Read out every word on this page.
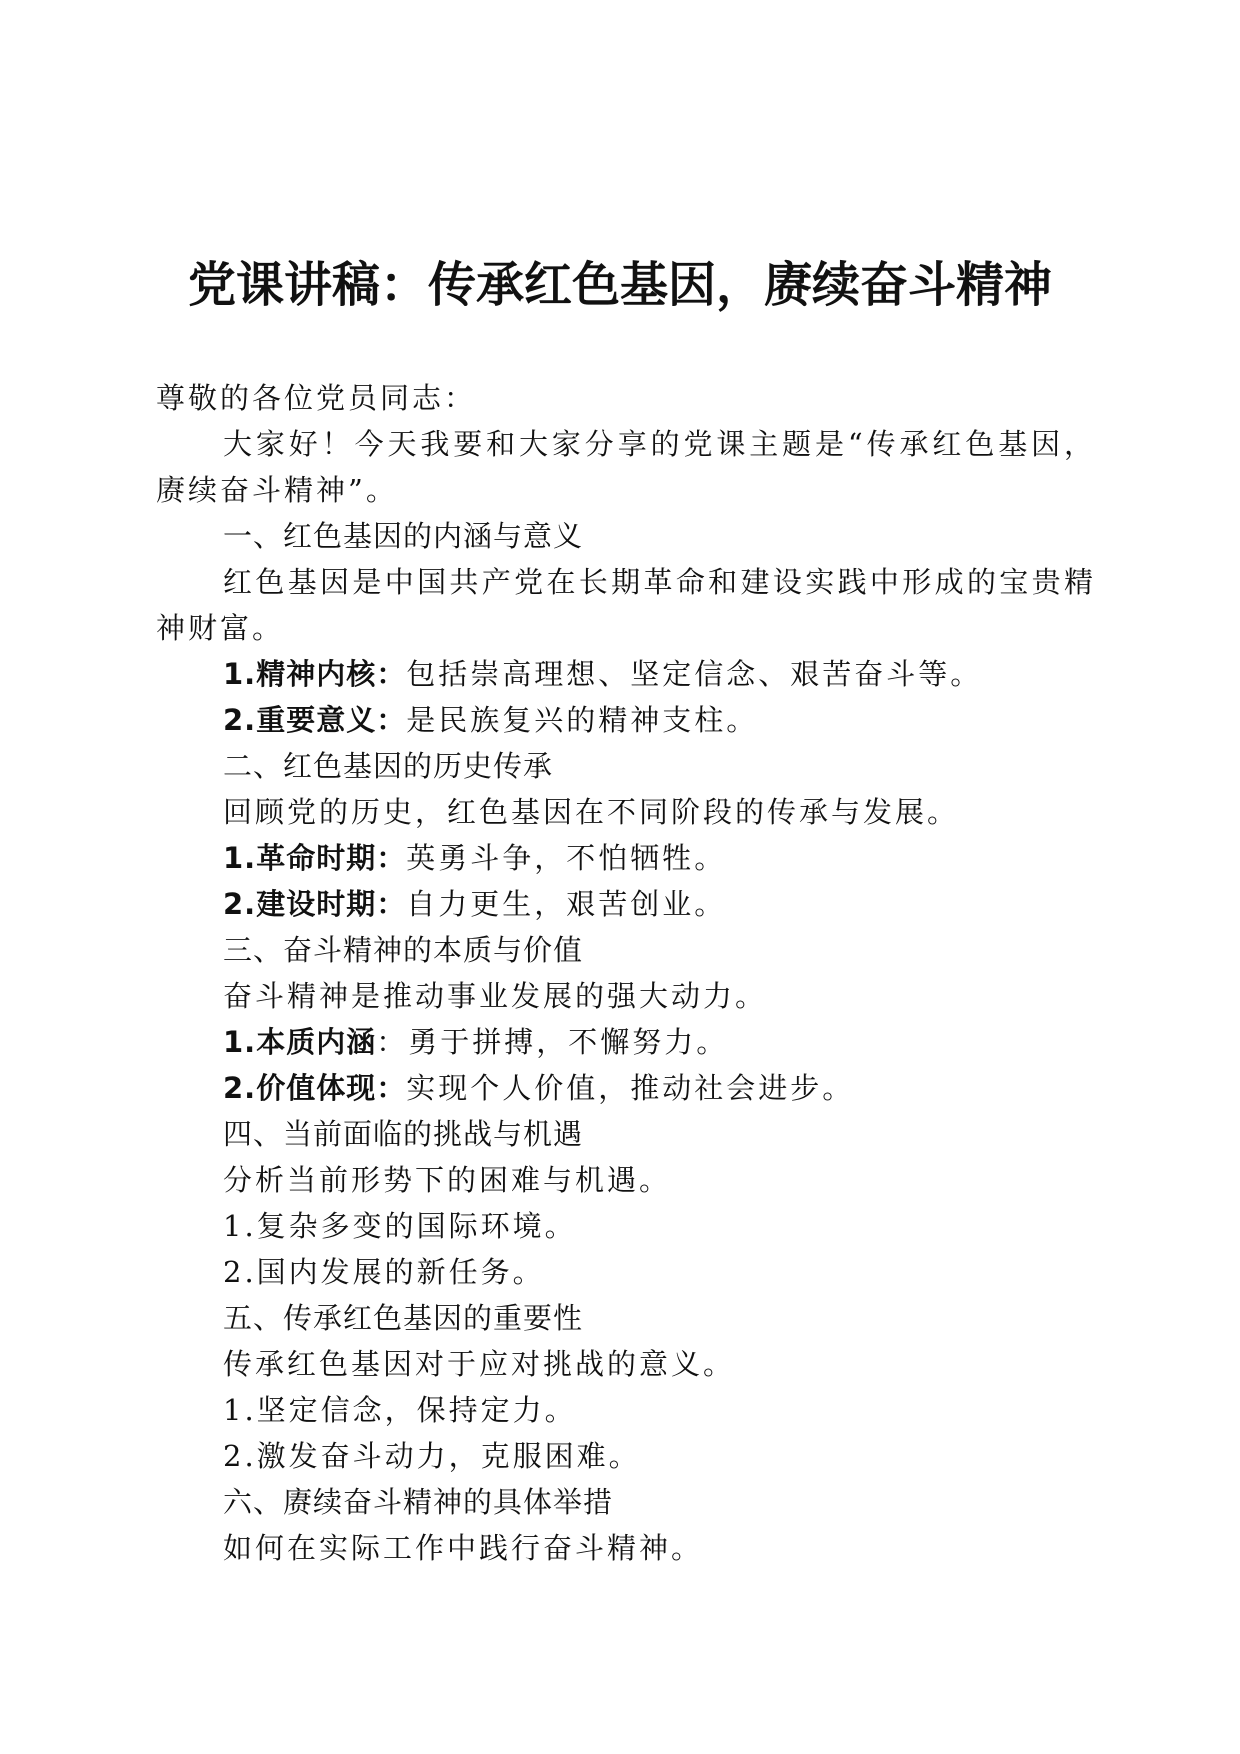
党课讲稿：传承红色基因，赓续奋斗精神

尊敬的各位党员同志：

大家好！今天我要和大家分享的党课主题是“传承红色基因，赓续奋斗精神”。

一、红色基因的内涵与意义

红色基因是中国共产党在长期革命和建设实践中形成的宝贵精神财富。

1.精神内核：包括崇高理想、坚定信念、艰苦奋斗等。

2.重要意义：是民族复兴的精神支柱。

二、红色基因的历史传承

回顾党的历史，红色基因在不同阶段的传承与发展。

1.革命时期：英勇斗争，不怕牺牲。

2.建设时期：自力更生，艰苦创业。

三、奋斗精神的本质与价值

奋斗精神是推动事业发展的强大动力。

1.本质内涵：勇于拼搏，不懈努力。

2.价值体现：实现个人价值，推动社会进步。

四、当前面临的挑战与机遇

分析当前形势下的困难与机遇。

1.复杂多变的国际环境。

2.国内发展的新任务。

五、传承红色基因的重要性

传承红色基因对于应对挑战的意义。

1.坚定信念，保持定力。

2.激发奋斗动力，克服困难。

六、赓续奋斗精神的具体举措

如何在实际工作中践行奋斗精神。
